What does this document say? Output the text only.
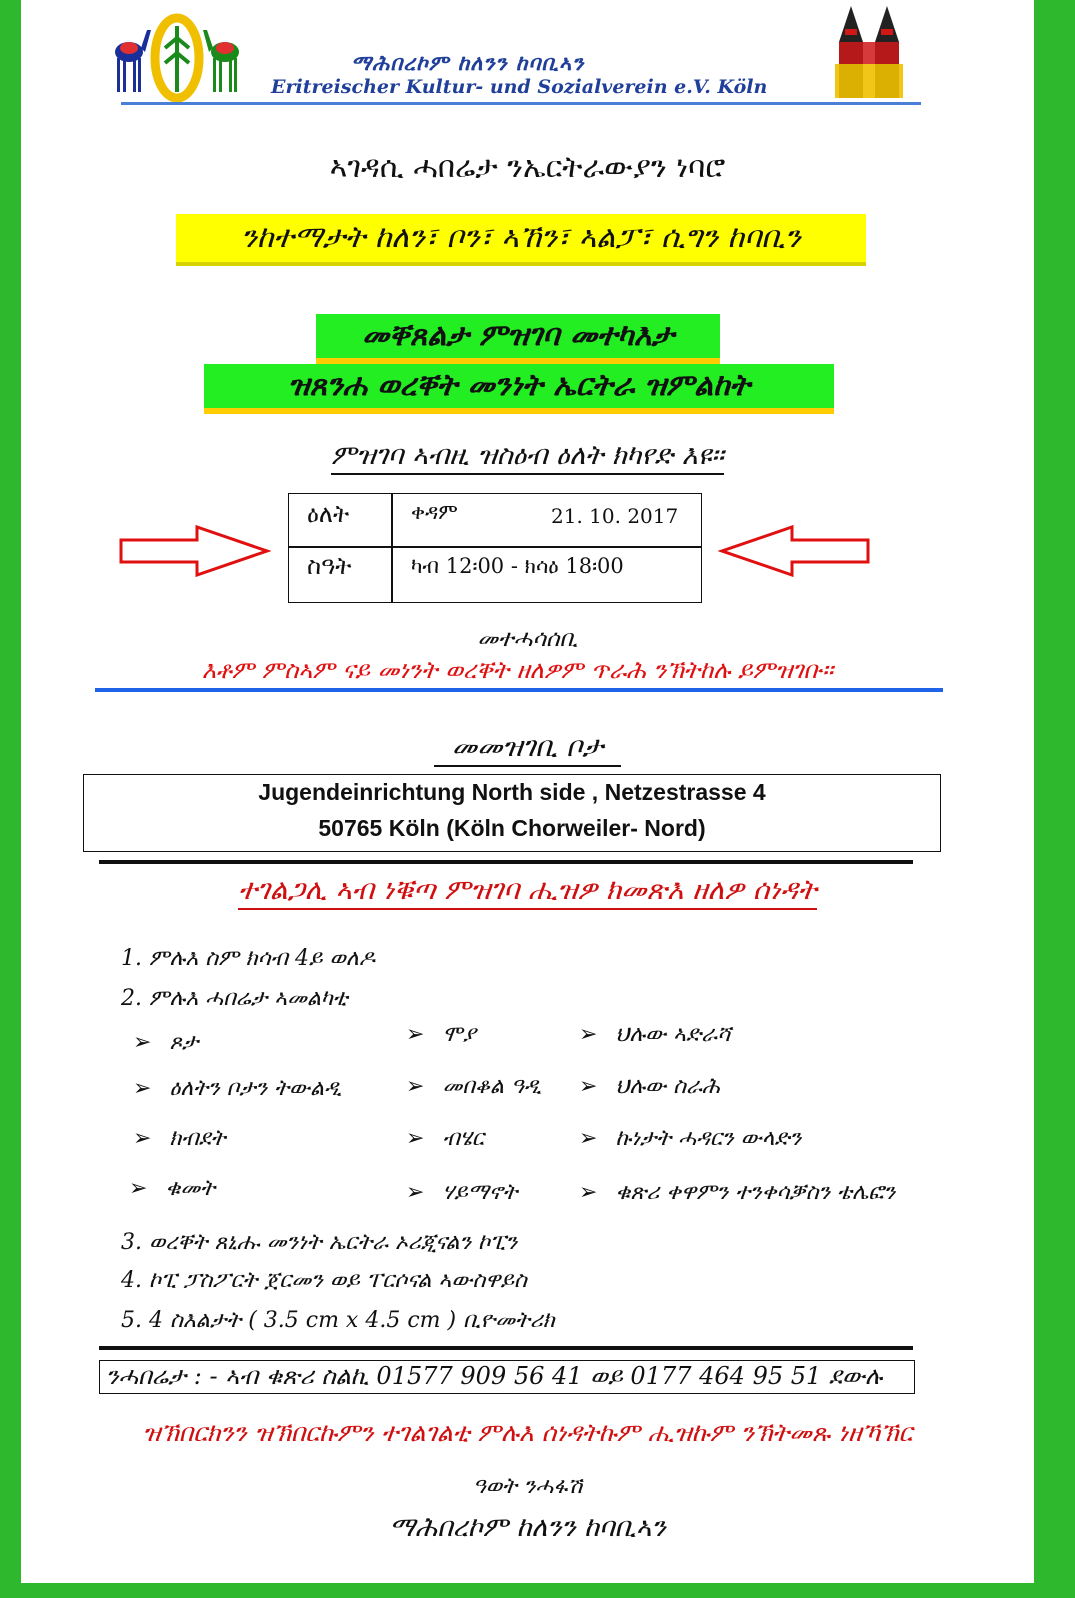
ማሕበረኮም ከለንን ከባቢኣን
Eritreischer Kultur- und Sozialverein e.V. Köln
ኣገዳሲ ሓበሬታ ንኤርትራውያን ነባሮ
ንከተማታት ከለን፣ ቦን፣ ኣኸን፣ ኣልፓ፣ ሲግን ከባቢን
መቐጸልታ ምዝገባ መተካእታ
ዝጸንሐ ወረቐት መንነት ኤርትራ ዝምልከት
ምዝገባ ኣብዚ ዝስዕብ ዕለት ክካየድ እዩ።
ዕለት	ቀዳም	21. 10. 2017
ስዓት	ካብ 12፡00 - ክሳዕ 18፡00
መተሓሳሰቢ
እቶም ምስኣም ናይ መነንት ወረቐት ዘለዎም ጥራሕ ንኽትከሉ ይምዝገቡ።
መመዝገቢ ቦታ
Jugendeinrichtung North side , Netzestrasse 4
50765 Köln (Köln Chorweiler- Nord)
ተገልጋሊ ኣብ ነቑጣ ምዝገባ ሒዝዎ ክመጽእ ዘለዎ ሰነዳት
1. ምሉእ ስም ክሳብ 4ይ ወለዶ
2. ምሉእ ሓበሬታ ኣመልካቲ
➢ ጾታ	➢ ሞያ	➢ ህሉው ኣድራሻ
➢ ዕለትን ቦታን ትውልዲ	➢ መበቆል ዓዲ ➢ ህሉው ስራሕ
➢ ክብደት	➢ ብሄር	➢ ኩነታት ሓዳርን ውላድን
➢ ቁመት	➢ ሃይማኖት	➢ ቁጽሪ ቀዋምን ተንቀሳቓስን ቴሌፎን
3. ወረቐት ጸኒሑ መንነት ኤርትራ ኦሪጂናልን ኮፒን
4. ኮፒ ፓስፖርት ጀርመን ወይ ፐርሶናል ኣውስዋይስ
5. 4 ስእልታት ( 3.5 cm x 4.5 cm ) ቢዮመትሪክ
ንሓበሬታ : - ኣብ ቁጽሪ ስልኪ 01577 909 56 41 ወይ 0177 464 95 51 ደውሉ
ዝኽበርክንን ዝኽበርኩምን ተገልገልቲ ምሉእ ሰነዳትኩም ሒዝኩም ንኽትመጹ ነዘኻኽር
ዓወት ንሓፋሽ
ማሕበረኮም ከለንን ከባቢኣን
